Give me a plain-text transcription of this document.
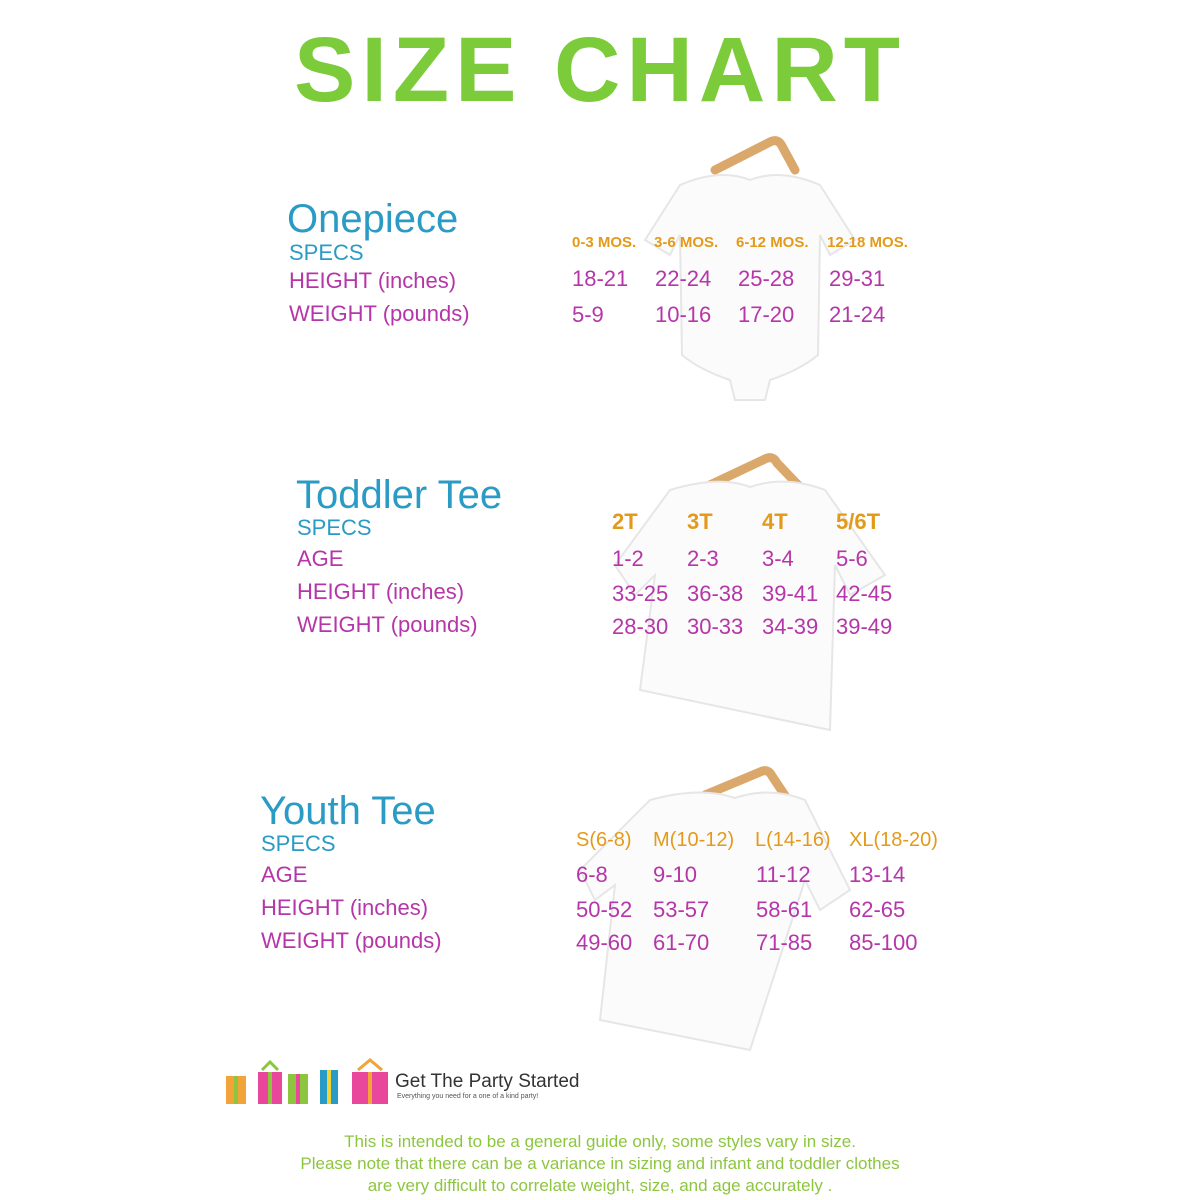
SIZE CHART
Onepiece
SPECS
HEIGHT (inches)
WEIGHT (pounds)
0-3 MOS. 3-6 MOS. 6-12 MOS. 12-18 MOS.
18-21 22-24 25-28 29-31
5-9 10-16 17-20 21-24
Toddler Tee
SPECS
AGE
HEIGHT (inches)
WEIGHT (pounds)
2T 3T 4T 5/6T
1-2 2-3 3-4 5-6
33-25 36-38 39-41 42-45
28-30 30-33 34-39 39-49
Youth Tee
SPECS
AGE
HEIGHT (inches)
WEIGHT (pounds)
S(6-8) M(10-12) L(14-16) XL(18-20)
6-8 9-10	11-12 13-14
50-52 53-57 58-61 62-65
49-60 61-70 71-85 85-100
Get The Party Started
Everything you need for a one of a kind party!
This is intended to be a general guide only, some styles vary in size.
Please note that there can be a variance in sizing and infant and toddler clothes
are very difficult to correlate weight, size, and age accurately .
